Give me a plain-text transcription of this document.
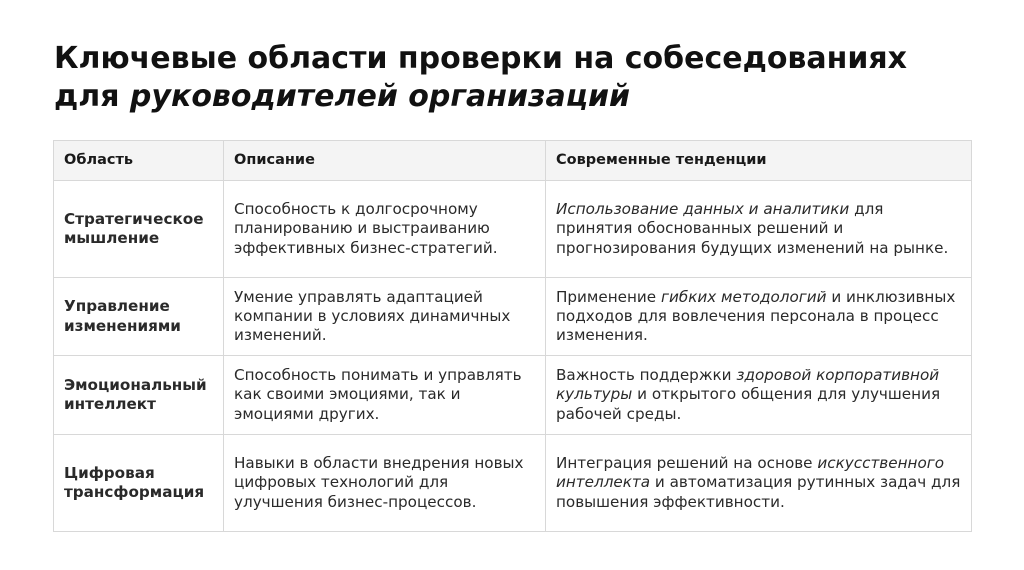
Ключевые области проверки на собеседованиях
для руководителей организаций
Область	Описание	Современные тенденции
Стратегическое мышление	Способность к долгосрочному планированию и выстраиванию эффективных бизнес-стратегий.	Использование данных и аналитики для принятия обоснованных решений и прогнозирования будущих изменений на рынке.
Управление изменениями	Умение управлять адаптацией компании в условиях динамичных изменений.	Применение гибких методологий и инклюзивных подходов для вовлечения персонала в процесс изменения.
Эмоциональный интеллект	Способность понимать и управлять как своими эмоциями, так и эмоциями других.	Важность поддержки здоровой корпоративной культуры и открытого общения для улучшения рабочей среды.
Цифровая трансформация	Навыки в области внедрения новых цифровых технологий для улучшения бизнес-процессов.	Интеграция решений на основе искусственного интеллекта и автоматизация рутинных задач для повышения эффективности.
